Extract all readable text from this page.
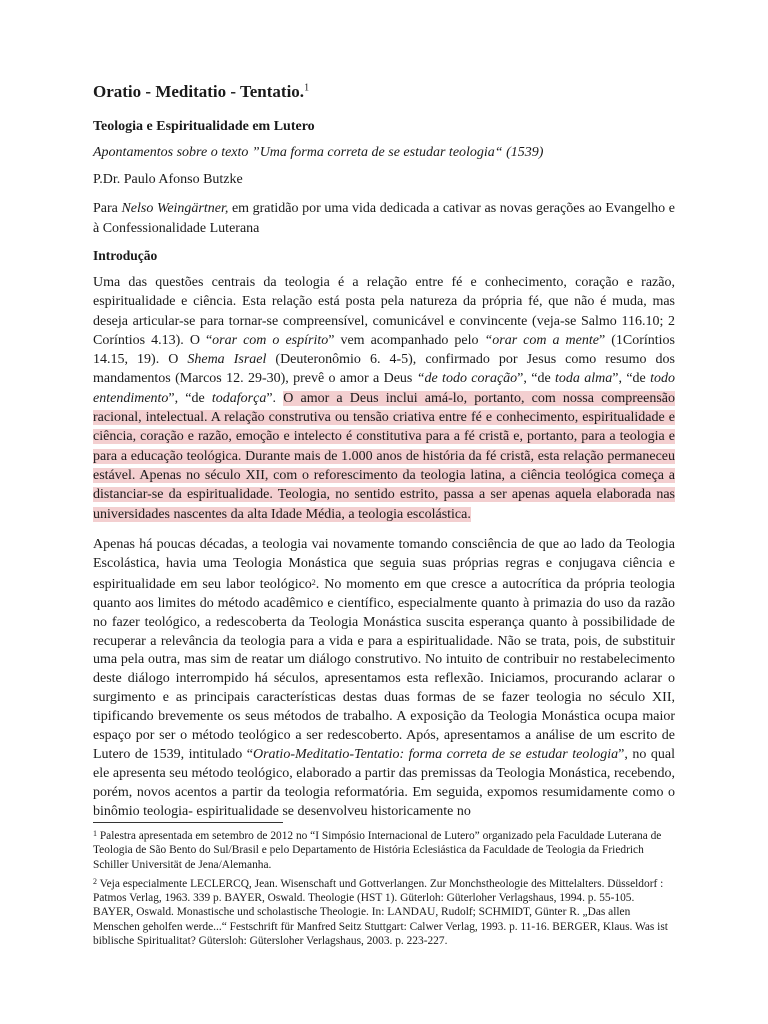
Oratio - Meditatio - Tentatio.$^1$

Teologia e Espiritualidade em Lutero

Apontamentos sobre o texto ”Uma forma correta de se estudar teologia“ (1539)

P.Dr. Paulo Afonso Butzke

Para Nelso Weingärtner, em gratidão por uma vida dedicada a cativar as novas gerações ao Evangelho e à Confessionalidade Luterana

Introdução

Uma das questões centrais da teologia é a relação entre fé e conhecimento, coração e razão, espiritualidade e ciência. Esta relação está posta pela natureza da própria fé, que não é muda, mas deseja articular-se para tornar-se compreensível, comunicável e convincente (veja-se Salmo 116.10; 2 Coríntios 4.13). O “orar com o espírito” vem acompanhado pelo “orar com a mente” (1Coríntios 14.15, 19). O Shema Israel (Deuteronômio 6. 4-5), confirmado por Jesus como resumo dos mandamentos (Marcos 12. 29-30), prevê o amor a Deus “de todo coração”, “de toda alma”, “de todo entendimento”, “de todaforça”. O amor a Deus inclui amá-lo, portanto, com nossa compreensão racional, intelectual. A relação construtiva ou tensão criativa entre fé e conhecimento, espiritualidade e ciência, coração e razão, emoção e intelecto é constitutiva para a fé cristã e, portanto, para a teologia e para a educação teológica. Durante mais de 1.000 anos de história da fé cristã, esta relação permaneceu estável. Apenas no século XII, com o reforescimento da teologia latina, a ciência teológica começa a distanciar-se da espiritualidade. Teologia, no sentido estrito, passa a ser apenas aquela elaborada nas universidades nascentes da alta Idade Média, a teologia escolástica.

Apenas há poucas décadas, a teologia vai novamente tomando consciência de que ao lado da Teologia Escolástica, havia uma Teologia Monástica que seguia suas próprias regras e conjugava ciência e espiritualidade em seu labor teológico$^2$. No momento em que cresce a autocrítica da própria teologia quanto aos limites do método acadêmico e científico, especialmente quanto à primazia do uso da razão no fazer teológico, a redescoberta da Teologia Monástica suscita esperança quanto à possibilidade de recuperar a relevância da teologia para a vida e para a espiritualidade. Não se trata, pois, de substituir uma pela outra, mas sim de reatar um diálogo construtivo. No intuito de contribuir no restabelecimento deste diálogo interrompido há séculos, apresentamos esta reflexão. Iniciamos, procurando aclarar o surgimento e as principais características destas duas formas de se fazer teologia no século XII, tipificando brevemente os seus métodos de trabalho. A exposição da Teologia Monástica ocupa maior espaço por ser o método teológico a ser redescoberto. Após, apresentamos a análise de um escrito de Lutero de 1539, intitulado “Oratio-Meditatio-Tentatio: forma correta de se estudar teologia”, no qual ele apresenta seu método teológico, elaborado a partir das premissas da Teologia Monástica, recebendo, porém, novos acentos a partir da teologia reformatória. Em seguida, expomos resumidamente como o binômio teologia- espiritualidade se desenvolveu historicamente no

$^1$ Palestra apresentada em setembro de 2012 no “I Simpósio Internacional de Lutero” organizado pela Faculdade Luterana de Teologia de São Bento do Sul/Brasil e pelo Departamento de História Eclesiástica da Faculdade de Teologia da Friedrich Schiller Universität de Jena/Alemanha.

$^2$ Veja especialmente LECLERCQ, Jean. Wisenschaft und Gottverlangen. Zur Monchstheologie des Mittelalters. Düsseldorf : Patmos Verlag, 1963. 339 p. BAYER, Oswald. Theologie (HST 1). Güterloh: Güterloher Verlagshaus, 1994. p. 55-105. BAYER, Oswald. Monastische und scholastische Theologie. In: LANDAU, Rudolf; SCHMIDT, Günter R. „Das allen Menschen geholfen werde...“ Festschrift für Manfred Seitz Stuttgart: Calwer Verlag, 1993. p. 11-16. BERGER, Klaus. Was ist biblische Spiritualitat? Gütersloh: Gütersloher Verlagshaus, 2003. p. 223-227.
